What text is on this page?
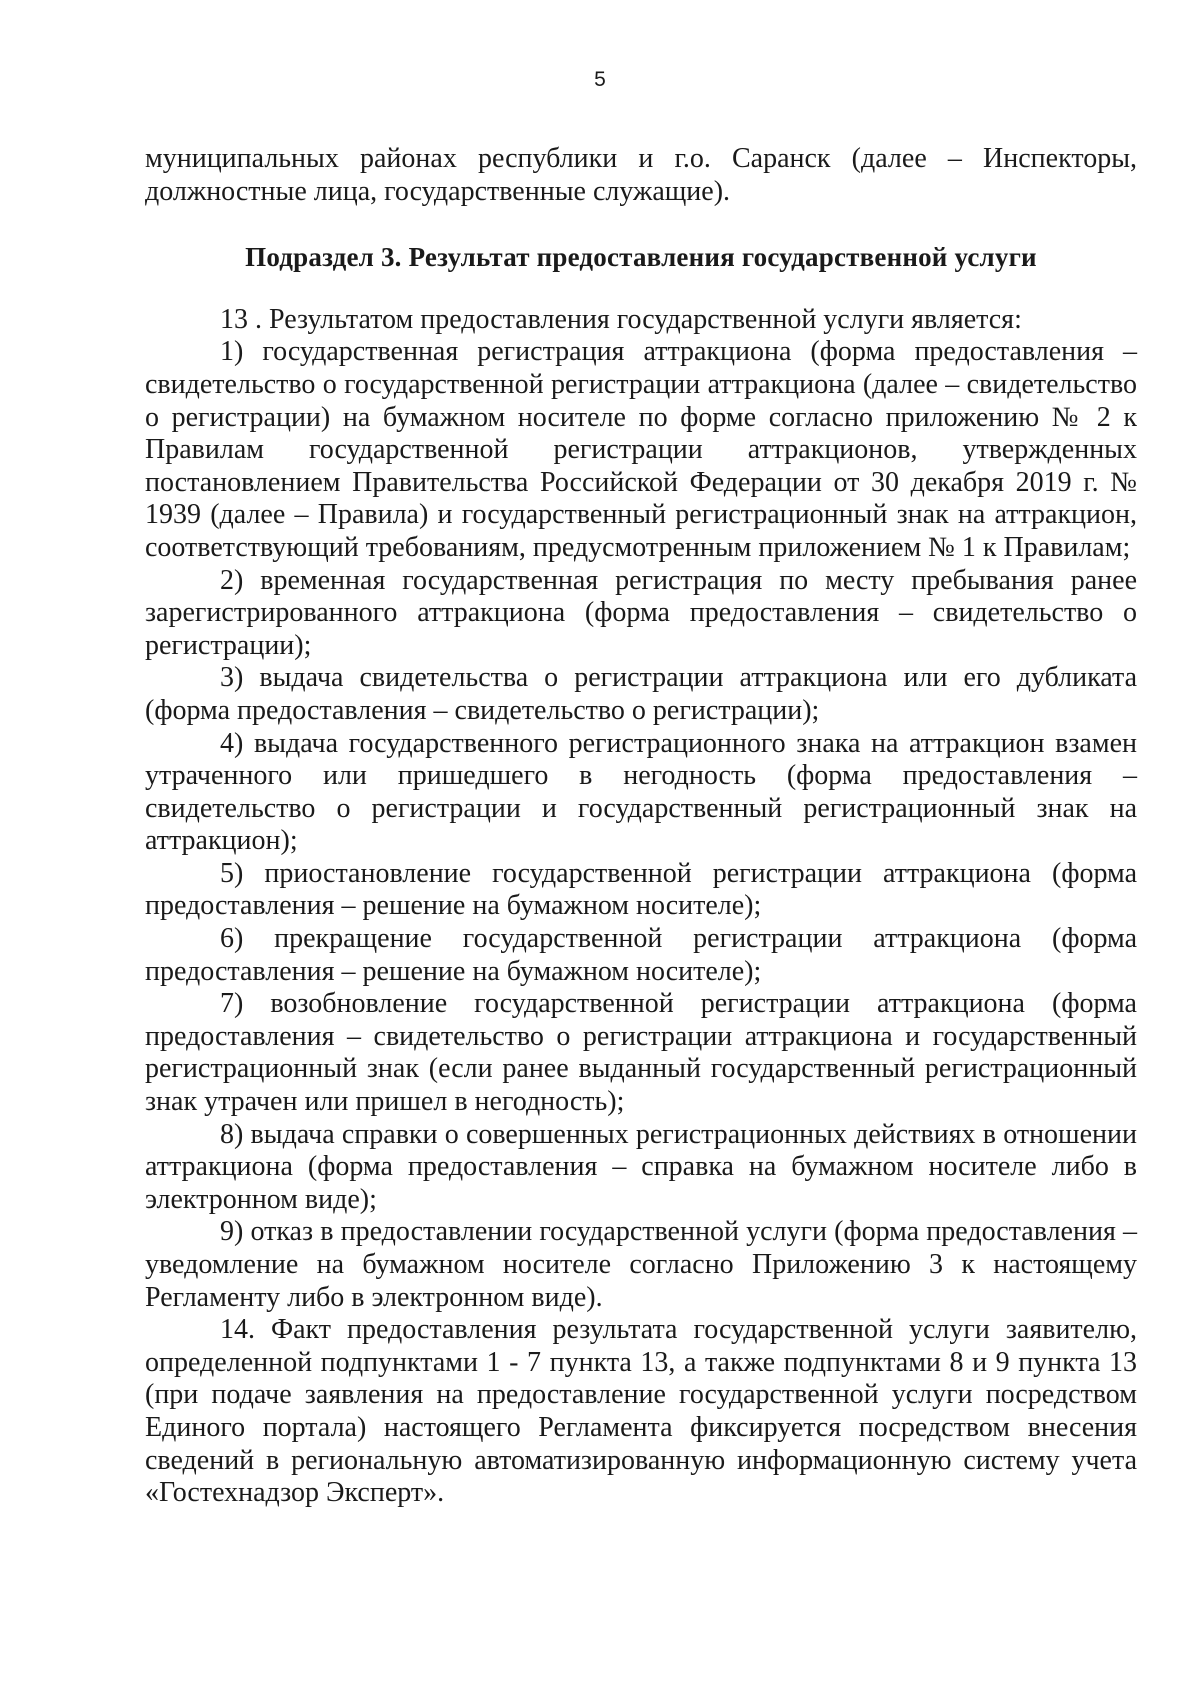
5

муниципальных районах республики и г.о. Саранск (далее – Инспекторы, должностные лица, государственные служащие).

Подраздел 3. Результат предоставления государственной услуги

13 . Результатом предоставления государственной услуги является:

1) государственная регистрация аттракциона (форма предоставления – свидетельство о государственной регистрации аттракциона (далее – свидетельство о регистрации) на бумажном носителе по форме согласно приложению № 2 к Правилам государственной регистрации аттракционов, утвержденных постановлением Правительства Российской Федерации от 30 декабря 2019 г. № 1939 (далее – Правила) и государственный регистрационный знак на аттракцион, соответствующий требованиям, предусмотренным приложением № 1 к Правилам;

2) временная государственная регистрация по месту пребывания ранее зарегистрированного аттракциона (форма предоставления – свидетельство о регистрации);

3) выдача свидетельства о регистрации аттракциона или его дубликата (форма предоставления – свидетельство о регистрации);

4) выдача государственного регистрационного знака на аттракцион взамен утраченного или пришедшего в негодность (форма предоставления – свидетельство о регистрации и государственный регистрационный знак на аттракцион);

5) приостановление государственной регистрации аттракциона (форма предоставления – решение на бумажном носителе);

6) прекращение государственной регистрации аттракциона (форма предоставления – решение на бумажном носителе);

7) возобновление государственной регистрации аттракциона (форма предоставления – свидетельство о регистрации аттракциона и государственный регистрационный знак (если ранее выданный государственный регистрационный знак утрачен или пришел в негодность);

8) выдача справки о совершенных регистрационных действиях в отношении аттракциона (форма предоставления – справка на бумажном носителе либо в электронном виде);

9) отказ в предоставлении государственной услуги (форма предоставления – уведомление на бумажном носителе согласно Приложению 3 к настоящему Регламенту либо в электронном виде).

14. Факт предоставления результата государственной услуги заявителю, определенной подпунктами 1 - 7 пункта 13, а также подпунктами 8 и 9 пункта 13 (при подаче заявления на предоставление государственной услуги посредством Единого портала) настоящего Регламента фиксируется посредством внесения сведений в региональную автоматизированную информационную систему учета «Гостехнадзор Эксперт».
